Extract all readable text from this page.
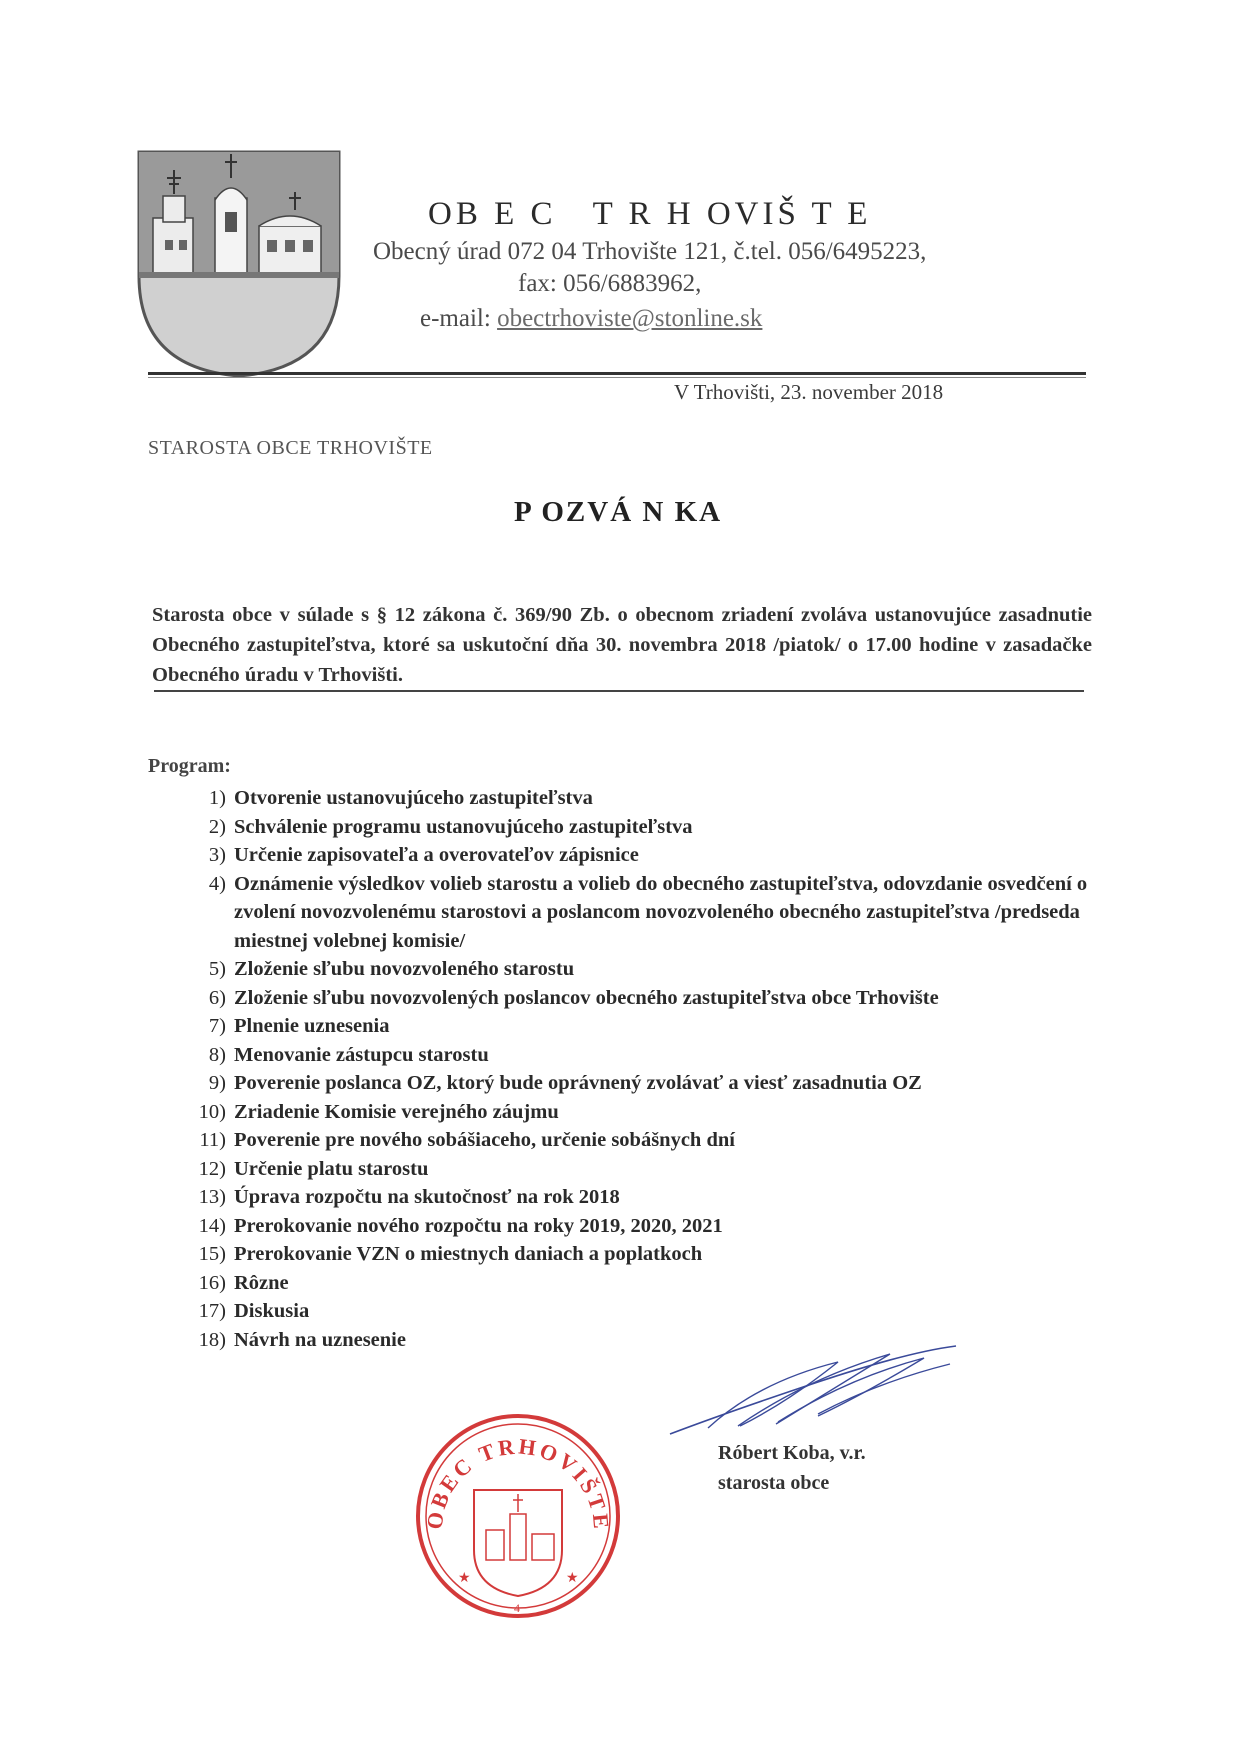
OB E C   T R H OVIŠ T E
Obecný úrad 072 04 Trhovište 121, č.tel. 056/6495223,
fax: 056/6883962,
e-mail: obectrhoviste@stonline.sk
V Trhovišti, 23. november 2018
STAROSTA OBCE TRHOVIŠTE
P OZVÁ N KA
Starosta obce v súlade s § 12 zákona č. 369/90 Zb. o obecnom zriadení zvoláva ustanovujúce zasadnutie Obecného zastupiteľstva, ktoré sa uskutoční dňa 30. novembra 2018 /piatok/ o 17.00 hodine v zasadačke Obecného úradu v Trhovišti.
Program:
1) Otvorenie ustanovujúceho zastupiteľstva
2) Schválenie programu ustanovujúceho zastupiteľstva
3) Určenie zapisovateľa a overovateľov zápisnice
4) Oznámenie výsledkov volieb starostu a volieb do obecného zastupiteľstva, odovzdanie osvedčení o zvolení novozvolenému starostovi a poslancom novozvoleného obecného zastupiteľstva /predseda miestnej volebnej komisie/
5) Zloženie sľubu novozvoleného starostu
6) Zloženie sľubu novozvolených poslancov obecného zastupiteľstva obce Trhovište
7) Plnenie uznesenia
8) Menovanie zástupcu starostu
9) Poverenie poslanca OZ, ktorý bude oprávnený zvolávať a viesť zasadnutia OZ
10) Zriadenie Komisie verejného záujmu
11) Poverenie pre nového sobášiaceho, určenie sobášnych dní
12) Určenie platu starostu
13) Úprava rozpočtu na skutočnosť na rok 2018
14) Prerokovanie nového rozpočtu na roky 2019, 2020, 2021
15) Prerokovanie VZN o miestnych daniach a poplatkoch
16) Rôzne
17) Diskusia
18) Návrh na uznesenie
Róbert Koba, v.r.
starosta obce
OBEC TRHOVIŠTE
★	★
4
